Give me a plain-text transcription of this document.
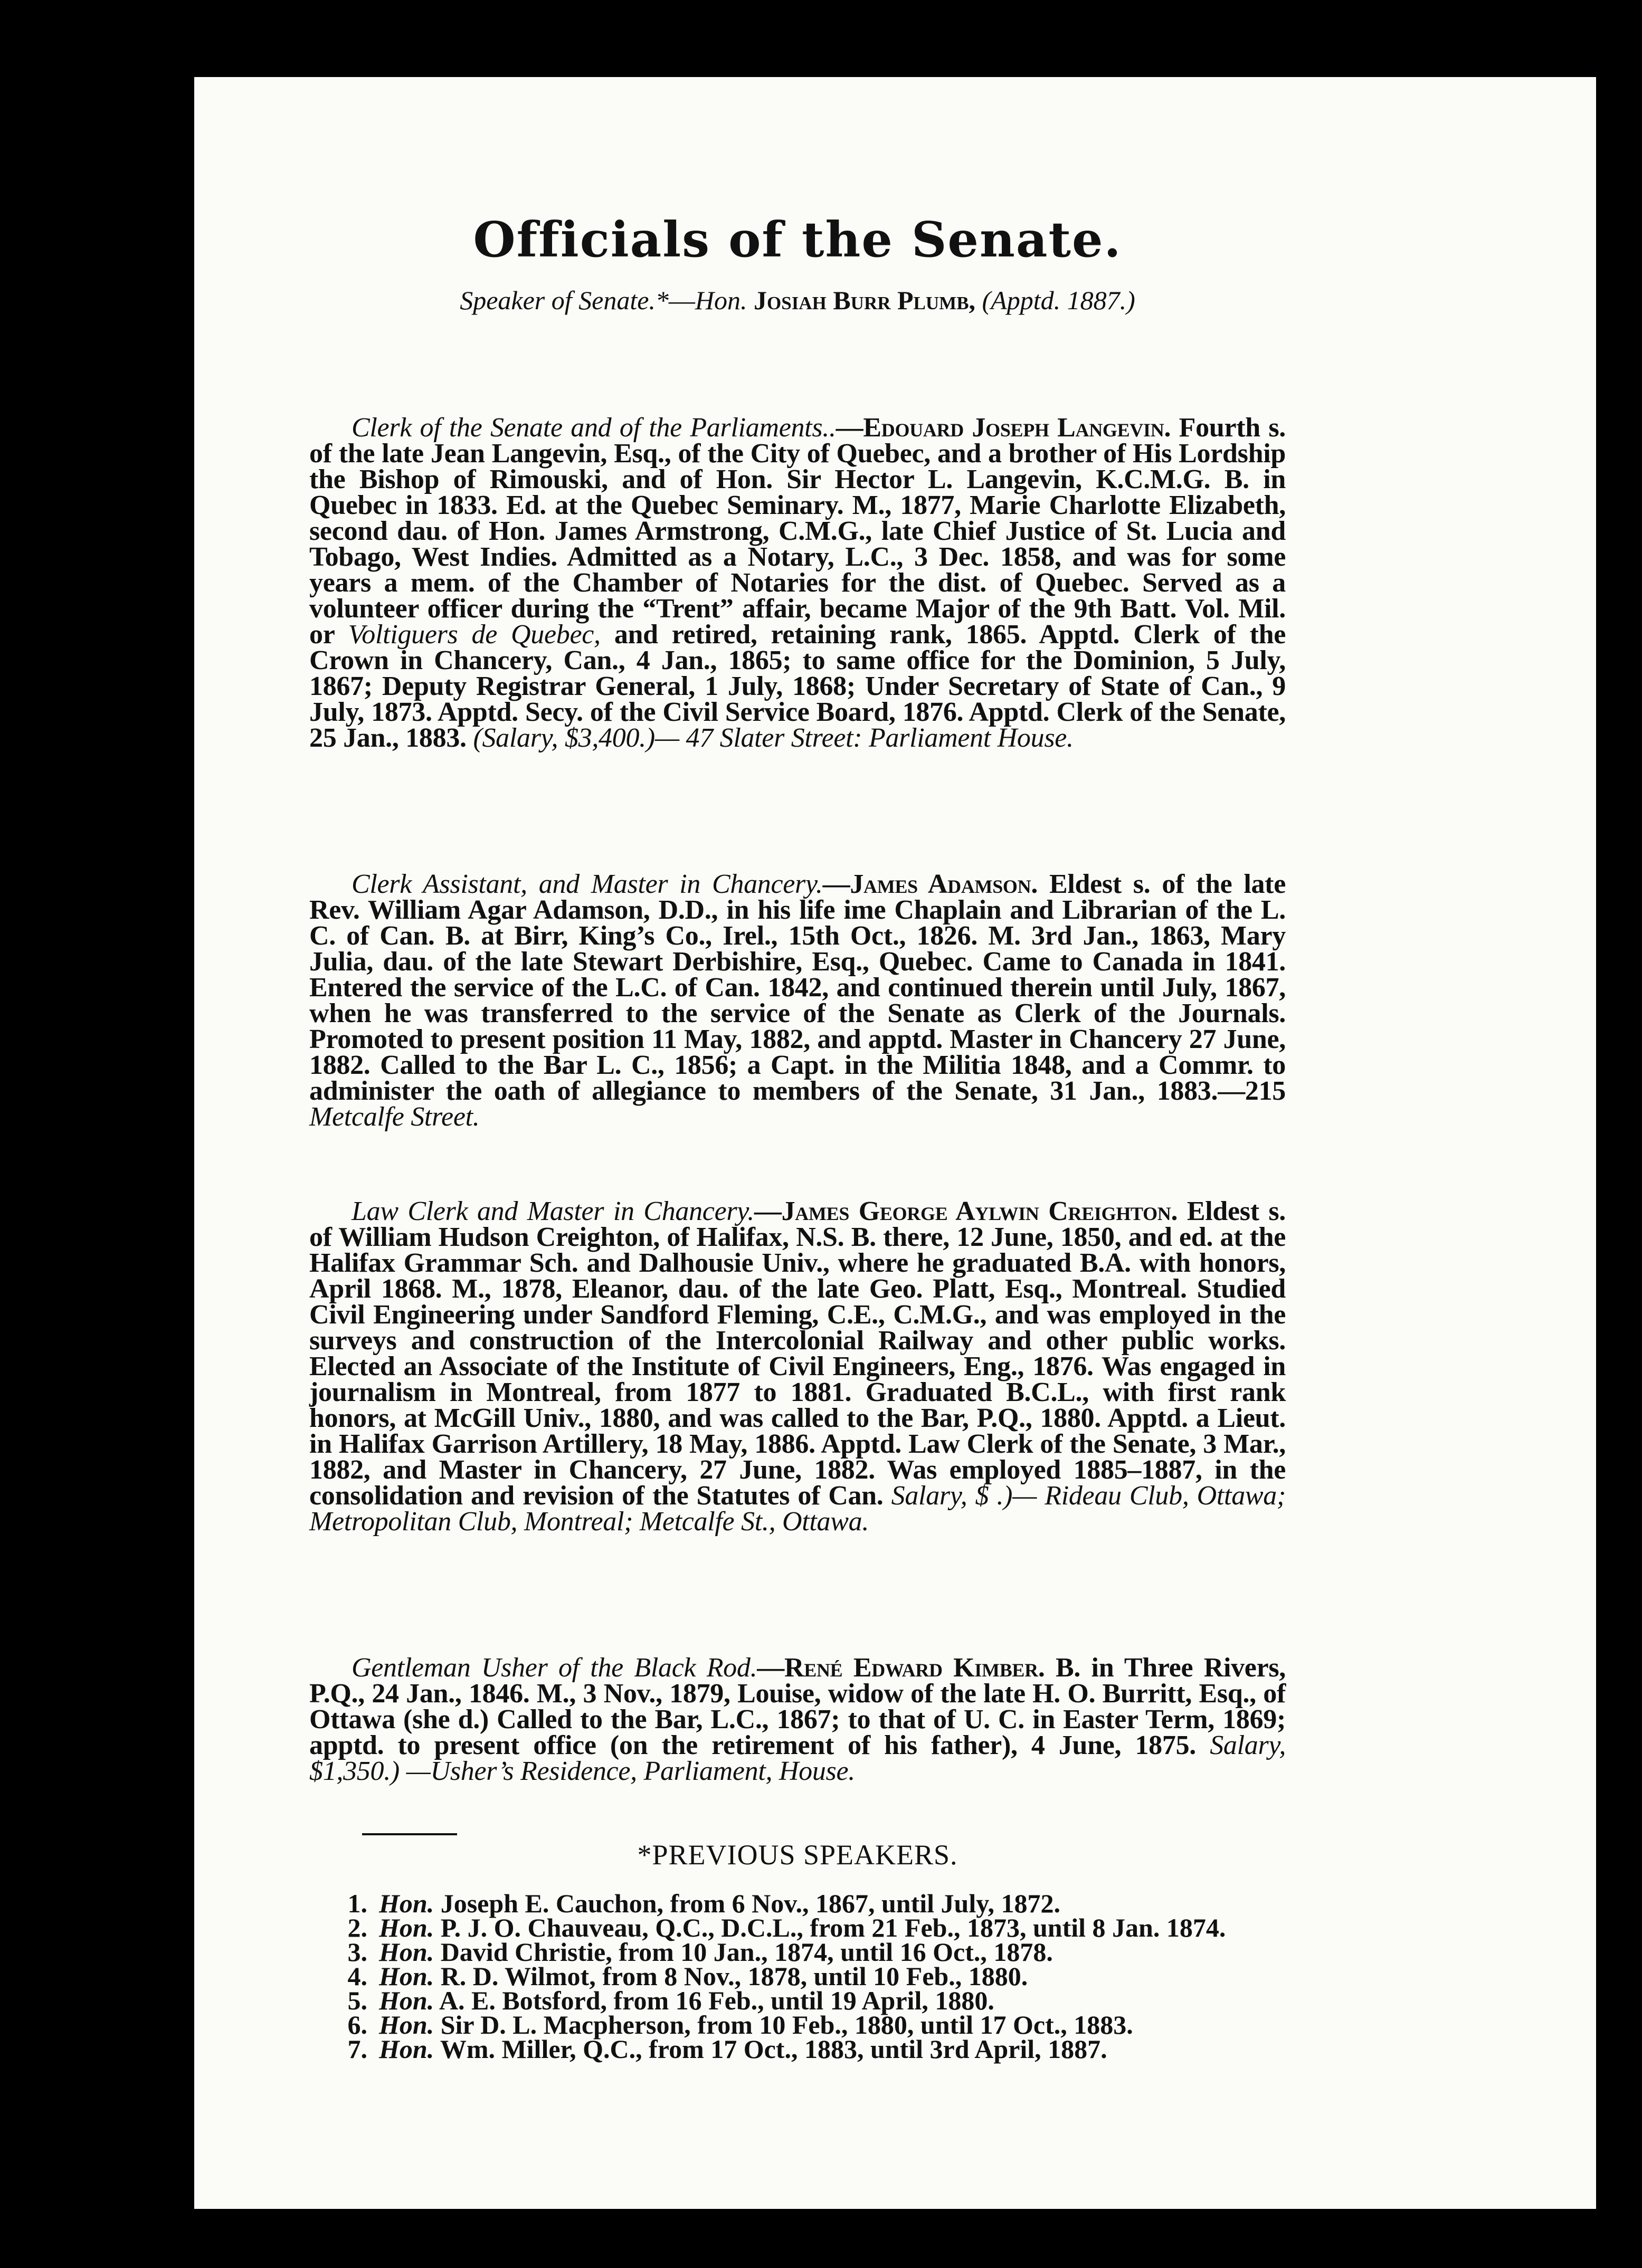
Officials of the Senate.
Speaker of Senate.*—Hon. Josiah Burr Plumb, (Apptd. 1887.)
Clerk of the Senate and of the Parliaments..—Edouard Joseph Langevin. Fourth s. of the late Jean Langevin, Esq., of the City of Quebec, and a brother of His Lordship the Bishop of Rimouski, and of Hon. Sir Hector L. Langevin, K.C.M.G. B. in Quebec in 1833. Ed. at the Quebec Seminary. M., 1877, Marie Charlotte Elizabeth, second dau. of Hon. James Armstrong, C.M.G., late Chief Justice of St. Lucia and Tobago, West Indies. Admitted as a Notary, L.C., 3 Dec. 1858, and was for some years a mem. of the Chamber of Notaries for the dist. of Quebec. Served as a volunteer officer during the “Trent” affair, became Major of the 9th Batt. Vol. Mil. or Voltiguers de Quebec, and retired, retaining rank, 1865. Apptd. Clerk of the Crown in Chancery, Can., 4 Jan., 1865; to same office for the Dominion, 5 July, 1867; Deputy Registrar General, 1 July, 1868; Under Secretary of State of Can., 9 July, 1873. Apptd. Secy. of the Civil Service Board, 1876. Apptd. Clerk of the Senate, 25 Jan., 1883. (Salary, $3,400.)— 47 Slater Street: Parliament House.
Clerk Assistant, and Master in Chancery.—James Adamson. Eldest s. of the late Rev. William Agar Adamson, D.D., in his life ime Chaplain and Librarian of the L. C. of Can. B. at Birr, King’s Co., Irel., 15th Oct., 1826. M. 3rd Jan., 1863, Mary Julia, dau. of the late Stewart Derbishire, Esq., Quebec. Came to Canada in 1841. Entered the service of the L.C. of Can. 1842, and continued therein until July, 1867, when he was transferred to the service of the Senate as Clerk of the Journals. Promoted to present position 11 May, 1882, and apptd. Master in Chancery 27 June, 1882. Called to the Bar L. C., 1856; a Capt. in the Militia 1848, and a Commr. to administer the oath of allegiance to members of the Senate, 31 Jan., 1883.—215 Metcalfe Street.
Law Clerk and Master in Chancery.—James George Aylwin Creighton. Eldest s. of William Hudson Creighton, of Halifax, N.S. B. there, 12 June, 1850, and ed. at the Halifax Grammar Sch. and Dalhousie Univ., where he graduated B.A. with honors, April 1868. M., 1878, Eleanor, dau. of the late Geo. Platt, Esq., Montreal. Studied Civil Engineering under Sandford Fleming, C.E., C.M.G., and was employed in the surveys and construction of the Intercolonial Railway and other public works. Elected an Associate of the Institute of Civil Engineers, Eng., 1876. Was engaged in journalism in Montreal, from 1877 to 1881. Graduated B.C.L., with first rank honors, at McGill Univ., 1880, and was called to the Bar, P.Q., 1880. Apptd. a Lieut. in Halifax Garrison Artillery, 18 May, 1886. Apptd. Law Clerk of the Senate, 3 Mar., 1882, and Master in Chancery, 27 June, 1882. Was employed 1885–1887, in the consolidation and revision of the Statutes of Can. Salary, $ .)— Rideau Club, Ottawa; Metropolitan Club, Montreal; Metcalfe St., Ottawa.
Gentleman Usher of the Black Rod.—René Edward Kimber. B. in Three Rivers, P.Q., 24 Jan., 1846. M., 3 Nov., 1879, Louise, widow of the late H. O. Burritt, Esq., of Ottawa (she d.) Called to the Bar, L.C., 1867; to that of U. C. in Easter Term, 1869; apptd. to present office (on the retirement of his father), 4 June, 1875. Salary, $1,350.) —Usher’s Residence, Parliament, House.
*PREVIOUS SPEAKERS.
1. Hon. Joseph E. Cauchon, from 6 Nov., 1867, until July, 1872.
2. Hon. P. J. O. Chauveau, Q.C., D.C.L., from 21 Feb., 1873, until 8 Jan. 1874.
3. Hon. David Christie, from 10 Jan., 1874, until 16 Oct., 1878.
4. Hon. R. D. Wilmot, from 8 Nov., 1878, until 10 Feb., 1880.
5. Hon. A. E. Botsford, from 16 Feb., until 19 April, 1880.
6. Hon. Sir D. L. Macpherson, from 10 Feb., 1880, until 17 Oct., 1883.
7. Hon. Wm. Miller, Q.C., from 17 Oct., 1883, until 3rd April, 1887.
